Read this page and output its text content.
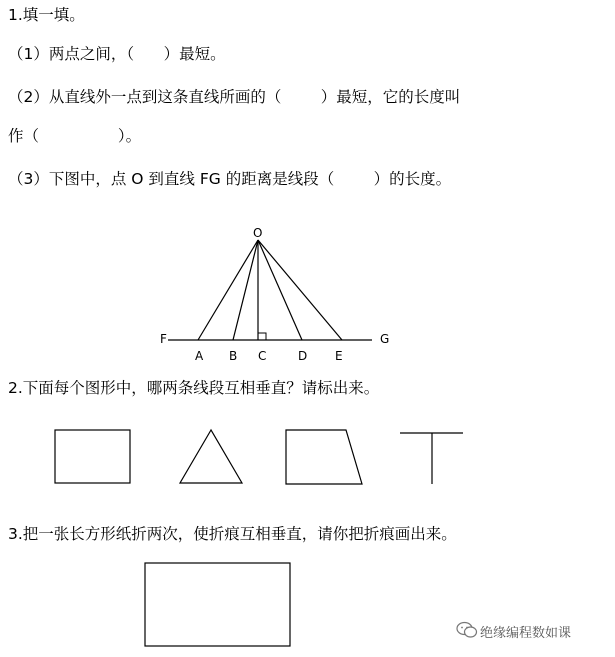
1.填一填。
（1）两点之间，（      ）最短。
（2）从直线外一点到这条直线所画的（        ）最短，它的长度叫
作（                ）。
（3）下图中，点 O 到直线 FG 的距离是线段（        ）的长度。
2.下面每个图形中，哪两条线段互相垂直？请标出来。
3.把一张长方形纸折两次，使折痕互相垂直，请你把折痕画出来。
O
F	G
A B C	D E
绝缘编程数如课
